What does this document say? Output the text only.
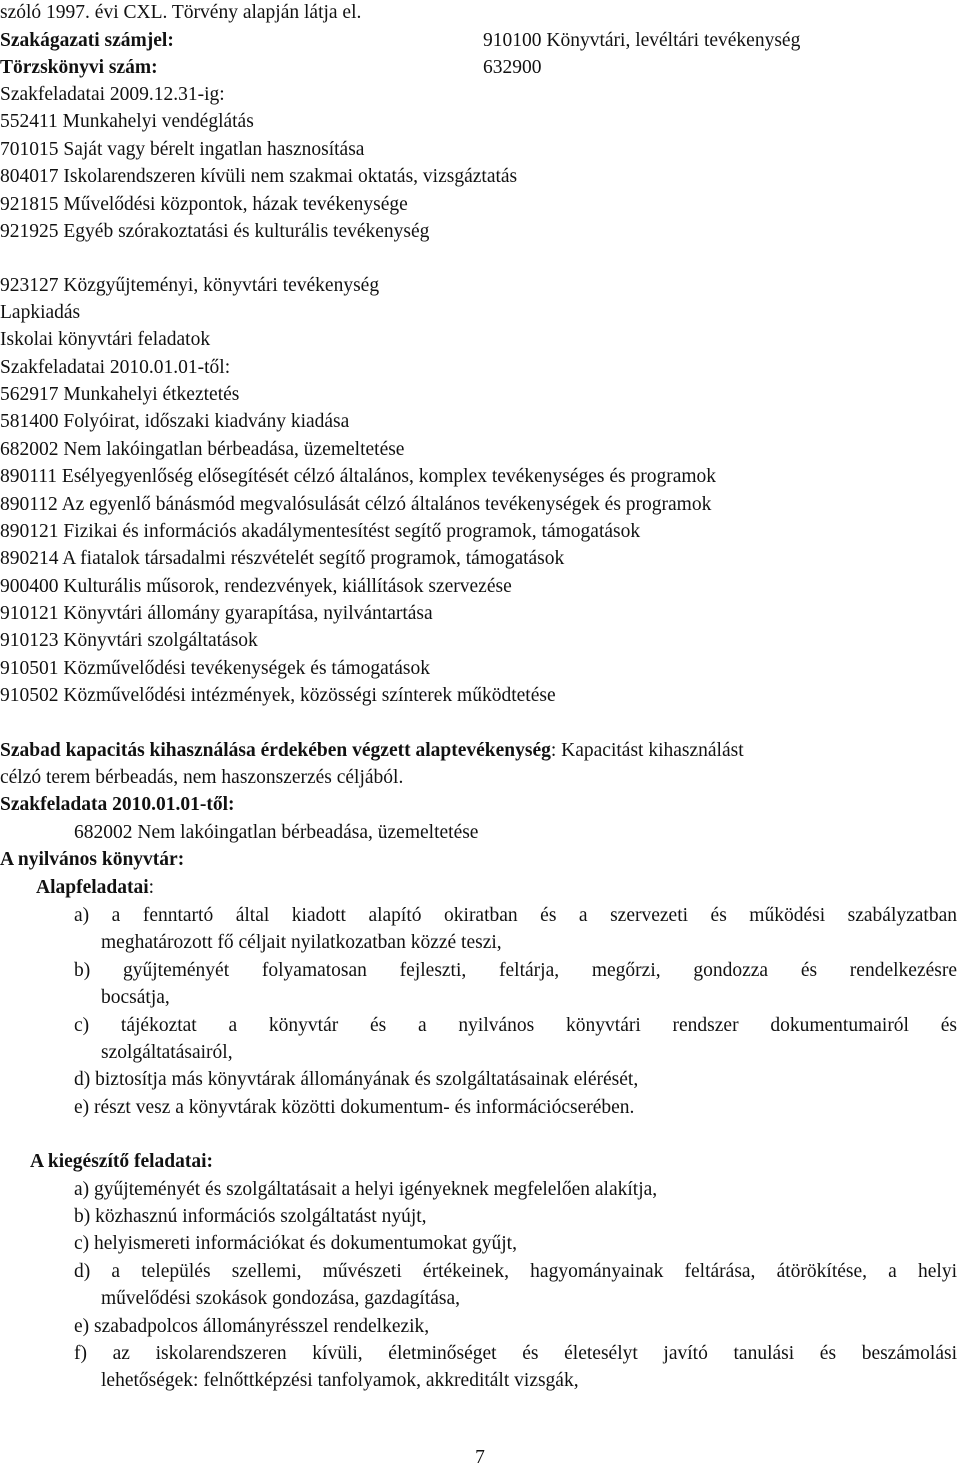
szóló 1997. évi CXL. Törvény alapján látja el.
Szakágazati számjel:	910100 Könyvtári, levéltári tevékenység
Törzskönyvi szám:	632900
Szakfeladatai 2009.12.31-ig:
552411 Munkahelyi vendéglátás
701015 Saját vagy bérelt ingatlan hasznosítása
804017 Iskolarendszeren kívüli nem szakmai oktatás, vizsgáztatás
921815 Művelődési központok, házak tevékenysége
921925 Egyéb szórakoztatási és kulturális tevékenység
923127 Közgyűjteményi, könyvtári tevékenység
Lapkiadás
Iskolai könyvtári feladatok
Szakfeladatai 2010.01.01-től:
562917 Munkahelyi étkeztetés
581400 Folyóirat, időszaki kiadvány kiadása
682002 Nem lakóingatlan bérbeadása, üzemeltetése
890111 Esélyegyenlőség elősegítését célzó általános, komplex tevékenységes és programok
890112 Az egyenlő bánásmód megvalósulását célzó általános tevékenységek és programok
890121 Fizikai és információs akadálymentesítést segítő programok, támogatások
890214 A fiatalok társadalmi részvételét segítő programok, támogatások
900400 Kulturális műsorok, rendezvények, kiállítások szervezése
910121 Könyvtári állomány gyarapítása, nyilvántartása
910123 Könyvtári szolgáltatások
910501 Közművelődési tevékenységek és támogatások
910502 Közművelődési intézmények, közösségi színterek működtetése
Szabad kapacitás kihasználása érdekében végzett alaptevékenység: Kapacitást kihasználást
célzó terem bérbeadás, nem haszonszerzés céljából.
Szakfeladata 2010.01.01-től:
682002 Nem lakóingatlan bérbeadása, üzemeltetése
A nyilvános könyvtár:
Alapfeladatai:
a) a fenntartó által kiadott alapító okiratban és a szervezeti és működési szabályzatban
meghatározott fő céljait nyilatkozatban közzé teszi,
b) gyűjteményét folyamatosan fejleszti, feltárja, megőrzi, gondozza és rendelkezésre
bocsátja,
c) tájékoztat a könyvtár és a nyilvános könyvtári rendszer dokumentumairól és
szolgáltatásairól,
d) biztosítja más könyvtárak állományának és szolgáltatásainak elérését,
e) részt vesz a könyvtárak közötti dokumentum- és információcserében.
A kiegészítő feladatai:
a) gyűjteményét és szolgáltatásait a helyi igényeknek megfelelően alakítja,
b) közhasznú információs szolgáltatást nyújt,
c) helyismereti információkat és dokumentumokat gyűjt,
d) a település szellemi, művészeti értékeinek, hagyományainak feltárása, átörökítése, a helyi
művelődési szokások gondozása, gazdagítása,
e) szabadpolcos állományrésszel rendelkezik,
f) az iskolarendszeren kívüli, életminőséget és életesélyt javító tanulási és beszámolási
lehetőségek: felnőttképzési tanfolyamok, akkreditált vizsgák,
7
